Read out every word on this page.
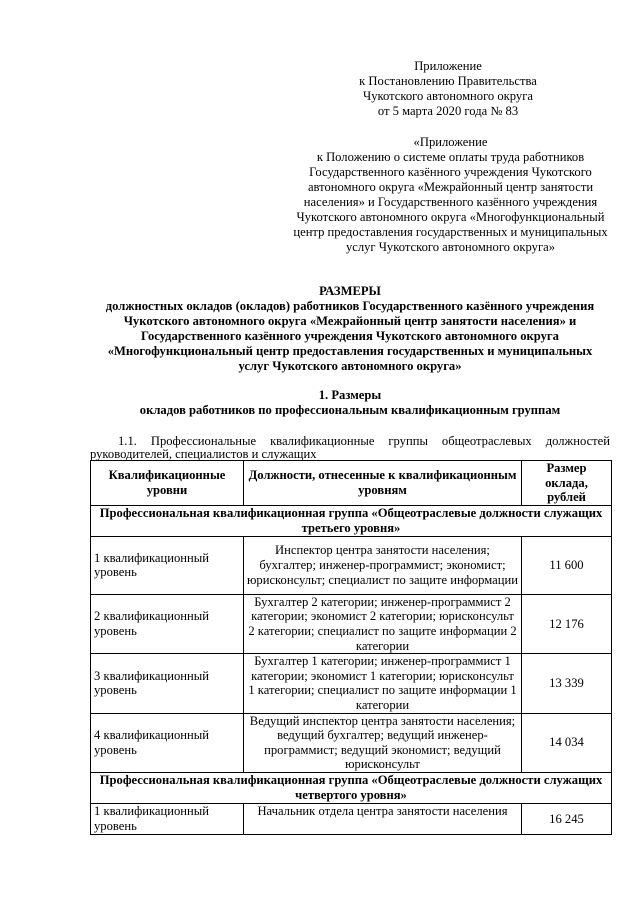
Приложение
к Постановлению Правительства
Чукотского автономного округа
от 5 марта 2020 года № 83
«Приложение
к Положению о системе оплаты труда работников
Государственного казённого учреждения Чукотского
автономного округа «Межрайонный центр занятости
населения» и Государственного казённого учреждения
Чукотского автономного округа «Многофункциональный
центр предоставления государственных и муниципальных
услуг Чукотского автономного округа»
РАЗМЕРЫ
должностных окладов (окладов) работников Государственного казённого учреждения
Чукотского автономного округа «Межрайонный центр занятости населения» и
Государственного казённого учреждения Чукотского автономного округа
«Многофункциональный центр предоставления государственных и муниципальных
услуг Чукотского автономного округа»
1. Размеры
окладов работников по профессиональным квалификационным группам
1.1. Профессиональные квалификационные группы общеотраслевых должностей
руководителей, специалистов и служащих
Квалификационные уровни	Должности, отнесенные к квалификационным уровням	Размер оклада, рублей
Профессиональная квалификационная группа «Общеотраслевые должности служащих третьего уровня»		
1 квалификационный уровень	Инспектор центра занятости населения; бухгалтер; инженер-программист; экономист; юрисконсульт; специалист по защите информации	11 600
2 квалификационный уровень	Бухгалтер 2 категории; инженер-программист 2 категории; экономист 2 категории; юрисконсульт 2 категории; специалист по защите информации 2 категории	12 176
3 квалификационный уровень	Бухгалтер 1 категории; инженер-программист 1 категории; экономист 1 категории; юрисконсульт 1 категории; специалист по защите информации 1 категории	13 339
4 квалификационный уровень	Ведущий инспектор центра занятости населения; ведущий бухгалтер; ведущий инженер-программист; ведущий экономист; ведущий юрисконсульт	14 034
Профессиональная квалификационная группа «Общеотраслевые должности служащих четвертого уровня»		
1 квалификационный уровень	Начальник отдела центра занятости населения	16 245
